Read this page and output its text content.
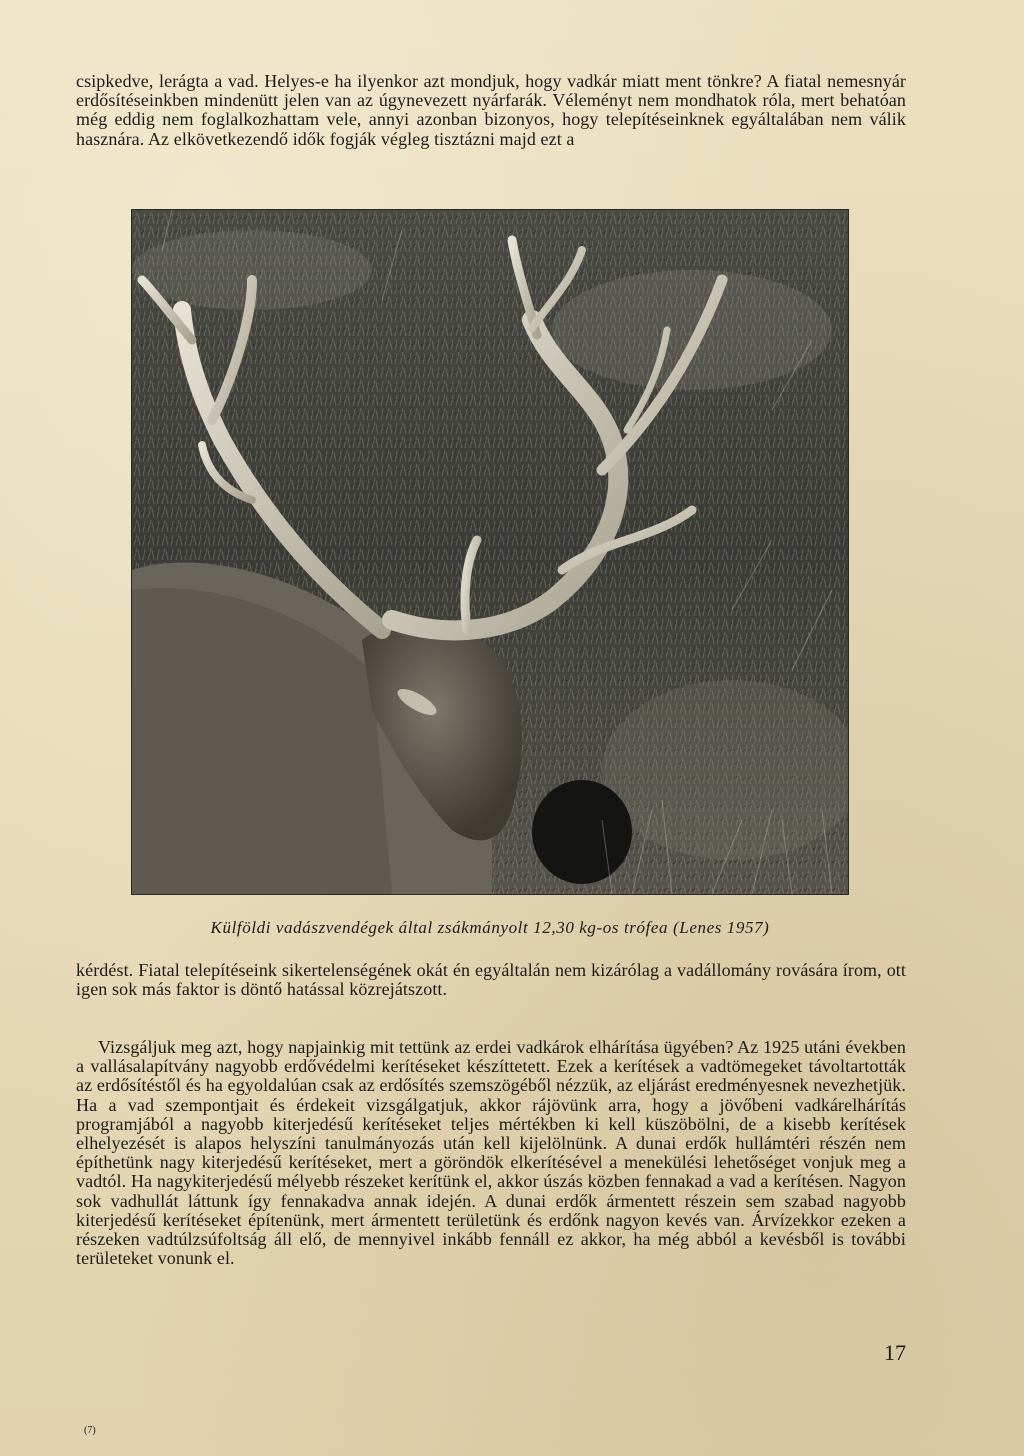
csipkedve, lerágta a vad. Helyes-e ha ilyenkor azt mondjuk, hogy vadkár miatt ment tönkre? A fiatal nemesnyár erdősítéseinkben mindenütt jelen van az úgynevezett nyárfarák. Véleményt nem mondhatok róla, mert behatóan még eddig nem foglalkozhattam vele, annyi azonban bizonyos, hogy telepítéseinknek egyáltalában nem válik hasznára. Az elkövetkezendő idők fogják végleg tisztázni majd ezt a

Külföldi vadászvendégek által zsákmányolt 12,30 kg-os trófea (Lenes 1957)

kérdést. Fiatal telepítéseink sikertelenségének okát én egyáltalán nem kizárólag a vadállomány rovására írom, ott igen sok más faktor is döntő hatással közrejátszott.

Vizsgáljuk meg azt, hogy napjainkig mit tettünk az erdei vadkárok elhárítása ügyében? Az 1925 utáni években a vallásalapítvány nagyobb erdővédelmi kerítéseket készíttetett. Ezek a kerítések a vadtömegeket távoltartották az erdősítéstől és ha egyoldalúan csak az erdősítés szemszögéből nézzük, az eljárást eredményesnek nevezhetjük. Ha a vad szempontjait és érdekeit vizsgálgatjuk, akkor rájövünk arra, hogy a jövőbeni vadkárelhárítás programjából a nagyobb kiterjedésű kerítéseket teljes mértékben ki kell küszöbölni, de a kisebb kerítések elhelyezését is alapos helyszíni tanulmányozás után kell kijelölnünk. A dunai erdők hullámtéri részén nem építhetünk nagy kiterjedésű kerítéseket, mert a göröndök elkerítésével a menekülési lehetőséget vonjuk meg a vadtól. Ha nagykiterjedésű mélyebb részeket kerítünk el, akkor úszás közben fennakad a vad a kerítésen. Nagyon sok vadhullát láttunk így fennakadva annak idején. A dunai erdők ármentett részein sem szabad nagyobb kiterjedésű kerítéseket építenünk, mert ármentett területünk és erdőnk nagyon kevés van. Árvízekkor ezeken a részeken vadtúlzsúfoltság áll elő, de mennyivel inkább fennáll ez akkor, ha még abból a kevésből is további területeket vonunk el.

17
(7)
